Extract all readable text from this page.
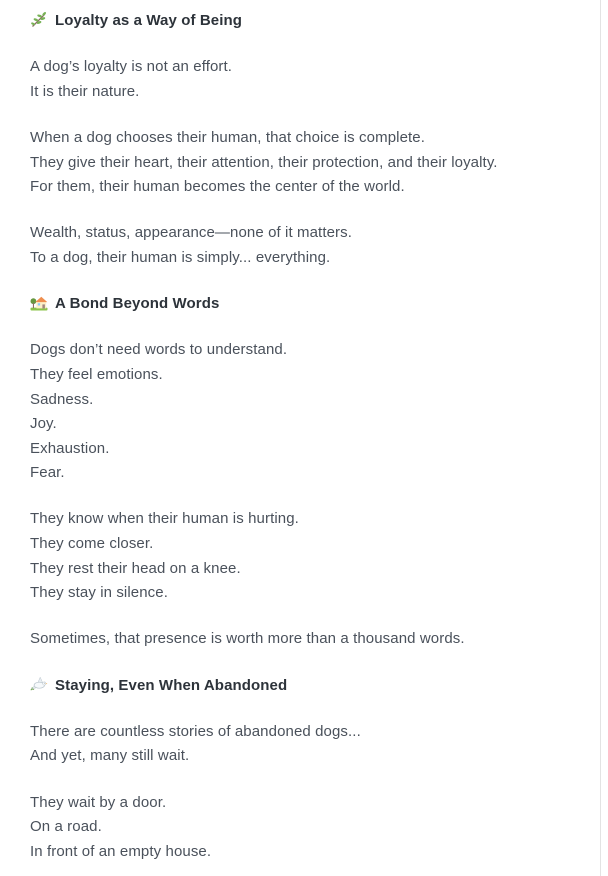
Loyalty as a Way of Being

A dog’s loyalty is not an effort.
It is their nature.

When a dog chooses their human, that choice is complete.
They give their heart, their attention, their protection, and their loyalty.
For them, their human becomes the center of the world.

Wealth, status, appearance—none of it matters.
To a dog, their human is simply... everything.

A Bond Beyond Words

Dogs don’t need words to understand.
They feel emotions.
Sadness.
Joy.
Exhaustion.
Fear.

They know when their human is hurting.
They come closer.
They rest their head on a knee.
They stay in silence.

Sometimes, that presence is worth more than a thousand words.

Staying, Even When Abandoned

There are countless stories of abandoned dogs...
And yet, many still wait.

They wait by a door.
On a road.
In front of an empty house.
